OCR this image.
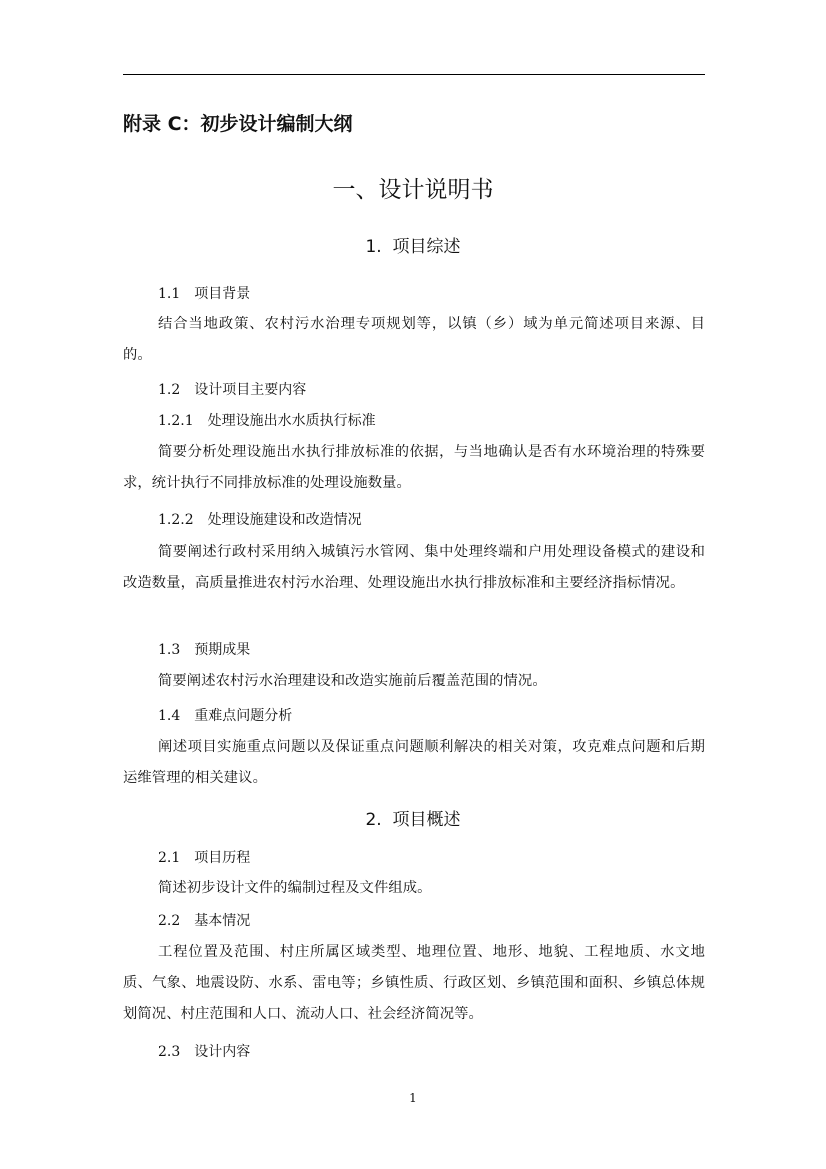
附录 C：初步设计编制大纲
一、设计说明书
1. 项目综述
1.1 项目背景

结合当地政策、农村污水治理专项规划等，以镇（乡）域为单元简述项目来源、目的。

1.2 设计项目主要内容
1.2.1 处理设施出水水质执行标准

简要分析处理设施出水执行排放标准的依据，与当地确认是否有水环境治理的特殊要求，统计执行不同排放标准的处理设施数量。

1.2.2 处理设施建设和改造情况

简要阐述行政村采用纳入城镇污水管网、集中处理终端和户用处理设备模式的建设和改造数量，高质量推进农村污水治理、处理设施出水执行排放标准和主要经济指标情况。

1.3 预期成果

简要阐述农村污水治理建设和改造实施前后覆盖范围的情况。

1.4 重难点问题分析

阐述项目实施重点问题以及保证重点问题顺利解决的相关对策，攻克难点问题和后期运维管理的相关建议。

2. 项目概述
2.1 项目历程

简述初步设计文件的编制过程及文件组成。

2.2 基本情况

工程位置及范围、村庄所属区域类型、地理位置、地形、地貌、工程地质、水文地质、气象、地震设防、水系、雷电等；乡镇性质、行政区划、乡镇范围和面积、乡镇总体规划简况、村庄范围和人口、流动人口、社会经济简况等。

2.3 设计内容
1
